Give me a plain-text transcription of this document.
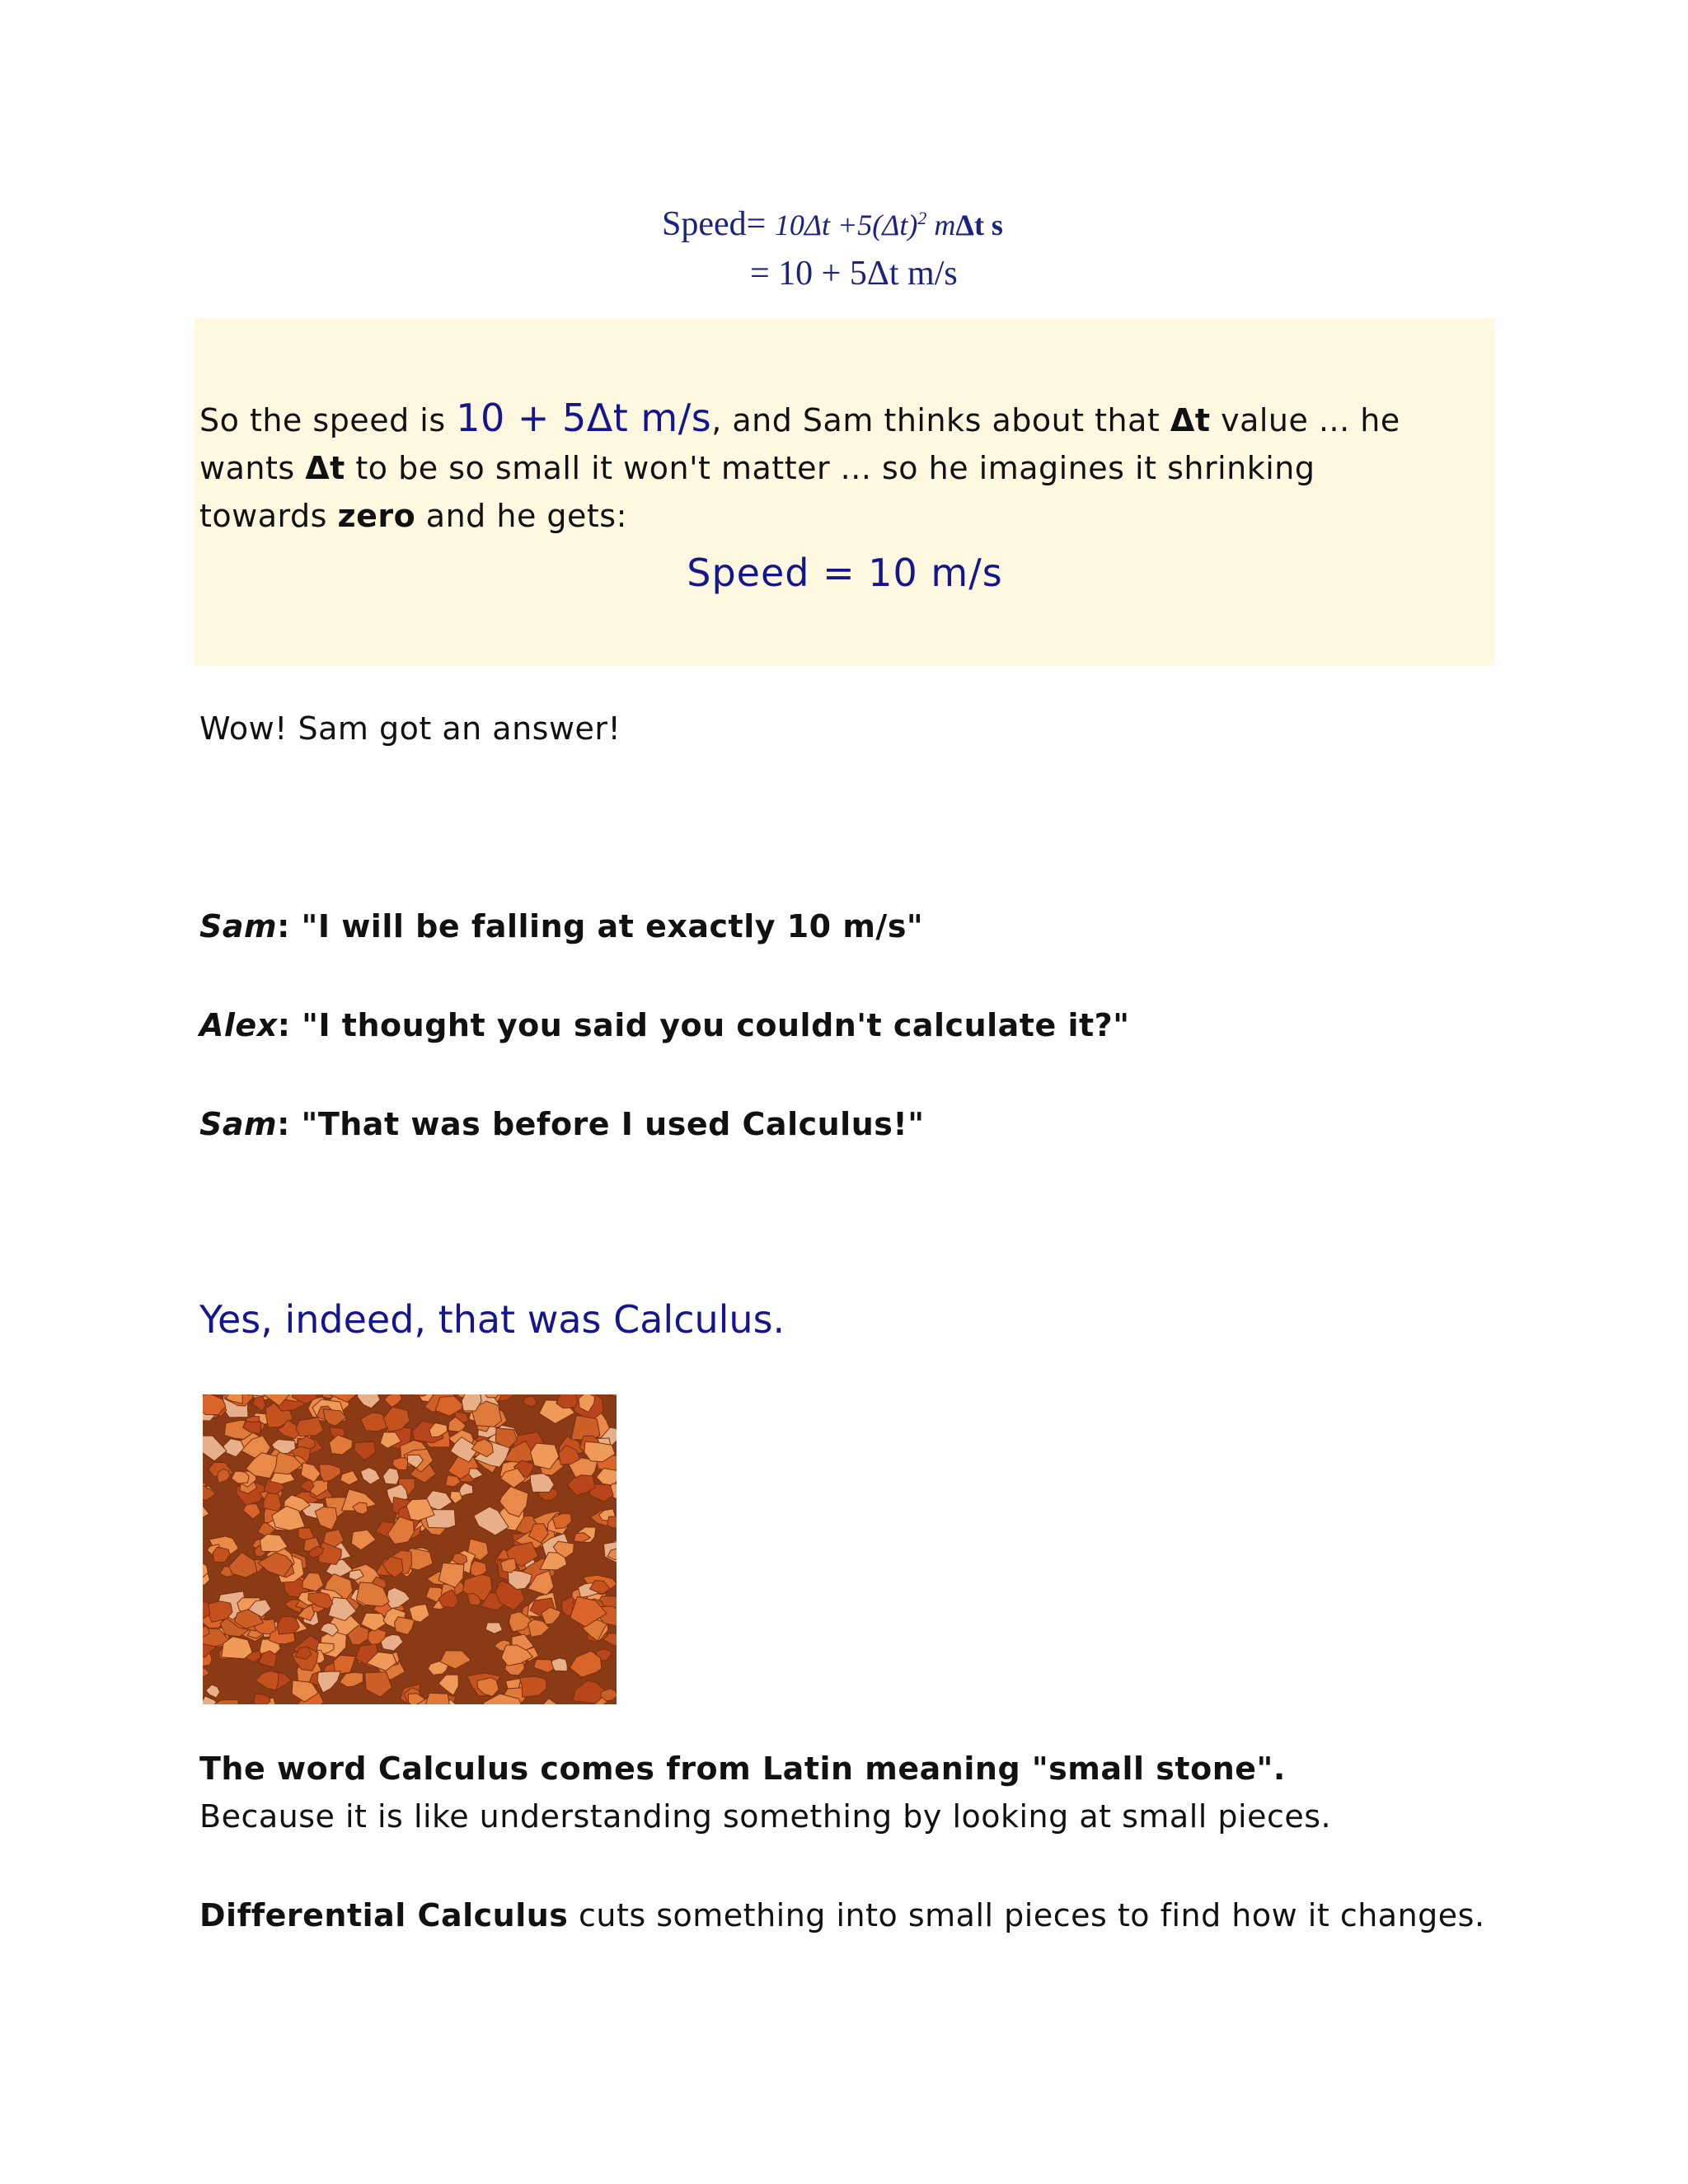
Speed= $10\Delta t +5(\Delta t)^2$ mΔt s
= 10 + 5Δt m/s
So the speed is 10 + 5Δt m/s, and Sam thinks about that Δt value ... he wants Δt to be so small it won't matter ... so he imagines it shrinking towards zero and he gets:
Speed = 10 m/s
Wow! Sam got an answer!
Sam: "I will be falling at exactly 10 m/s"
Alex: "I thought you said you couldn't calculate it?"
Sam: "That was before I used Calculus!"
Yes, indeed, that was Calculus.
The word Calculus comes from Latin meaning "small stone".
Because it is like understanding something by looking at small pieces.
Differential Calculus cuts something into small pieces to find how it changes.
